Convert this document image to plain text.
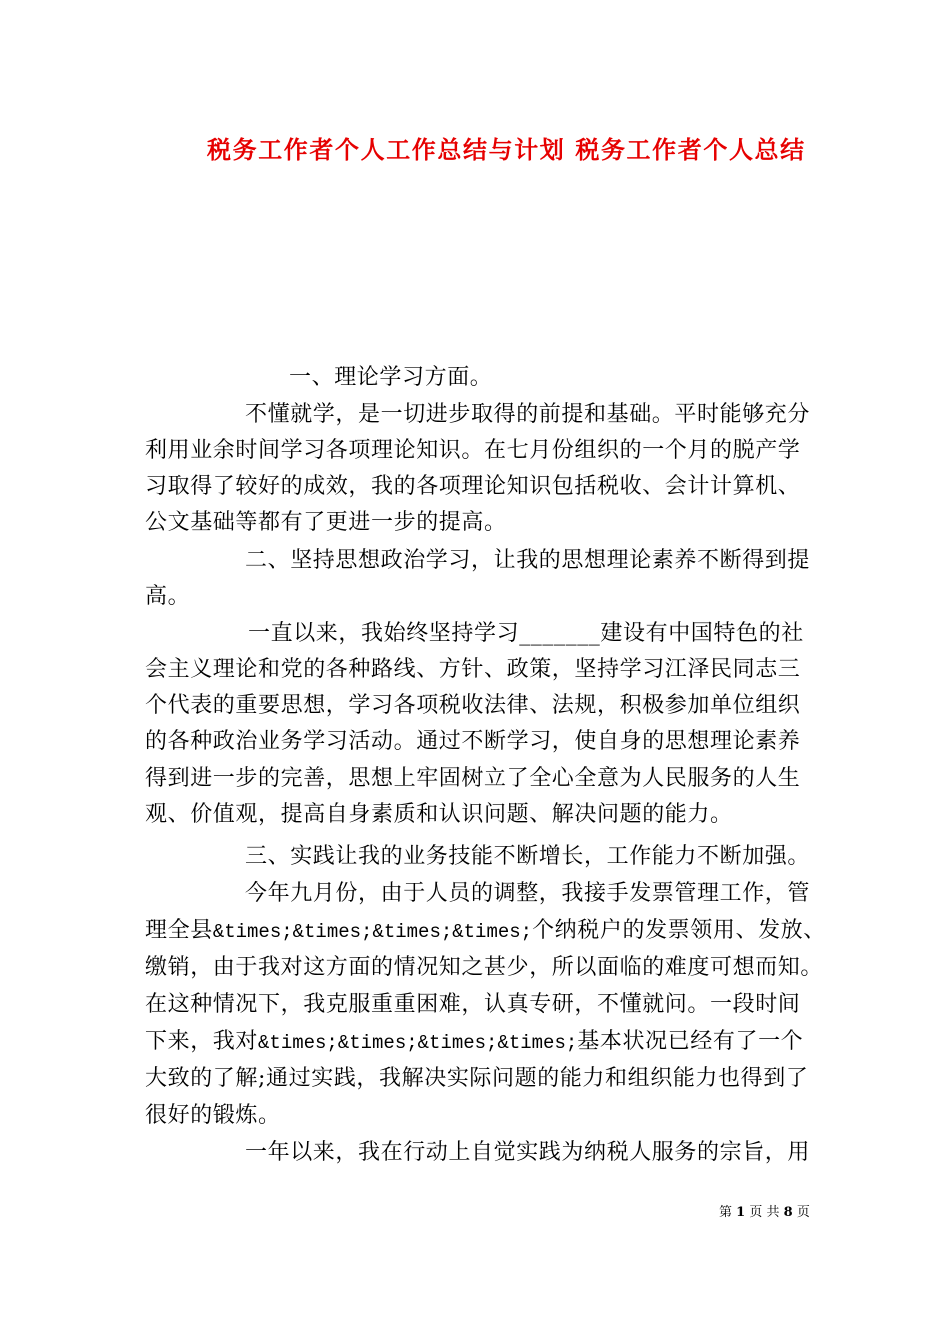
税务工作者个人工作总结与计划 税务工作者个人总结
一、理论学习方面。
不懂就学，是一切进步取得的前提和基础。平时能够充分
利用业余时间学习各项理论知识。在七月份组织的一个月的脱产学
习取得了较好的成效，我的各项理论知识包括税收、会计计算机、
公文基础等都有了更进一步的提高。
二、坚持思想政治学习，让我的思想理论素养不断得到提
高。
一直以来，我始终坚持学习_______建设有中国特色的社
会主义理论和党的各种路线、方针、政策，坚持学习江泽民同志三
个代表的重要思想，学习各项税收法律、法规，积极参加单位组织
的各种政治业务学习活动。通过不断学习，使自身的思想理论素养
得到进一步的完善，思想上牢固树立了全心全意为人民服务的人生
观、价值观，提高自身素质和认识问题、解决问题的能力。
三、实践让我的业务技能不断增长，工作能力不断加强。
今年九月份，由于人员的调整，我接手发票管理工作，管
理全县&times;&times;&times;&times;个纳税户的发票领用、发放、
缴销，由于我对这方面的情况知之甚少，所以面临的难度可想而知。
在这种情况下，我克服重重困难，认真专研，不懂就问。一段时间
下来，我对&times;&times;&times;&times;基本状况已经有了一个
大致的了解;通过实践，我解决实际问题的能力和组织能力也得到了
很好的锻炼。
一年以来，我在行动上自觉实践为纳税人服务的宗旨，用
第 1 页 共 8 页
